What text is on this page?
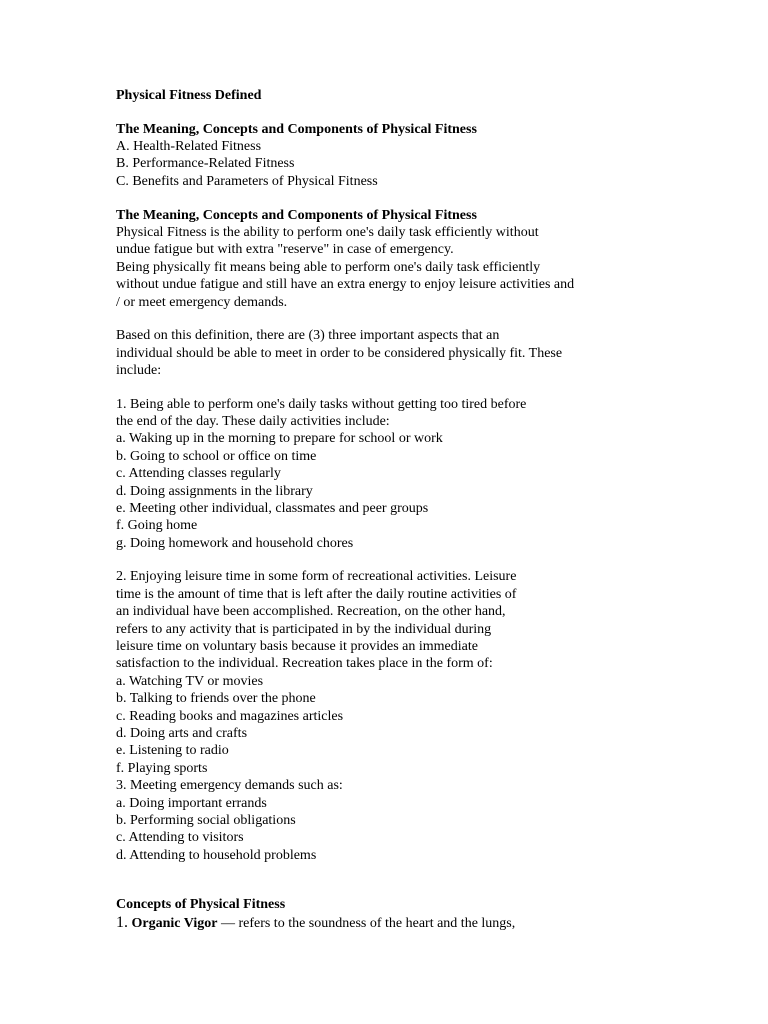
Physical Fitness Defined
The Meaning, Concepts and Components of Physical Fitness
A. Health-Related Fitness
B. Performance-Related Fitness
C. Benefits and Parameters of Physical Fitness
The Meaning, Concepts and Components of Physical Fitness
Physical Fitness is the ability to perform one's daily task efficiently without
undue fatigue but with extra "reserve" in case of emergency.
Being physically fit means being able to perform one's daily task efficiently
without undue fatigue and still have an extra energy to enjoy leisure activities and
/ or meet emergency demands.
Based on this definition, there are (3) three important aspects that an
individual should be able to meet in order to be considered physically fit. These
include:
1. Being able to perform one's daily tasks without getting too tired before
the end of the day. These daily activities include:
a. Waking up in the morning to prepare for school or work
b. Going to school or office on time
c. Attending classes regularly
d. Doing assignments in the library
e. Meeting other individual, classmates and peer groups
f. Going home
g. Doing homework and household chores
2. Enjoying leisure time in some form of recreational activities. Leisure
time is the amount of time that is left after the daily routine activities of
an individual have been accomplished. Recreation, on the other hand,
refers to any activity that is participated in by the individual during
leisure time on voluntary basis because it provides an immediate
satisfaction to the individual. Recreation takes place in the form of:
a. Watching TV or movies
b. Talking to friends over the phone
c. Reading books and magazines articles
d. Doing arts and crafts
e. Listening to radio
f. Playing sports
3. Meeting emergency demands such as:
a. Doing important errands
b. Performing social obligations
c. Attending to visitors
d. Attending to household problems
Concepts of Physical Fitness
1. Organic Vigor — refers to the soundness of the heart and the lungs,
